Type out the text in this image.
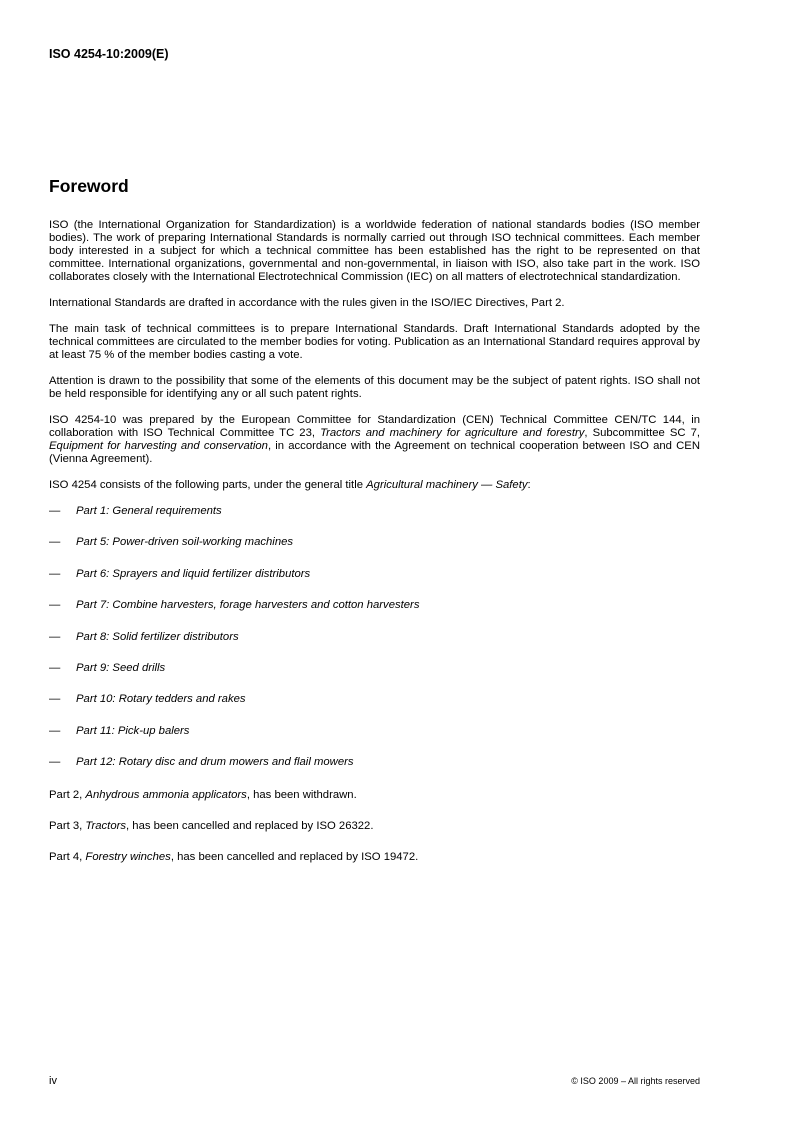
ISO 4254-10:2009(E)
Foreword

ISO (the International Organization for Standardization) is a worldwide federation of national standards bodies (ISO member bodies). The work of preparing International Standards is normally carried out through ISO technical committees. Each member body interested in a subject for which a technical committee has been established has the right to be represented on that committee. International organizations, governmental and non-governmental, in liaison with ISO, also take part in the work. ISO collaborates closely with the International Electrotechnical Commission (IEC) on all matters of electrotechnical standardization.

International Standards are drafted in accordance with the rules given in the ISO/IEC Directives, Part 2.

The main task of technical committees is to prepare International Standards. Draft International Standards adopted by the technical committees are circulated to the member bodies for voting. Publication as an International Standard requires approval by at least 75 % of the member bodies casting a vote.

Attention is drawn to the possibility that some of the elements of this document may be the subject of patent rights. ISO shall not be held responsible for identifying any or all such patent rights.

ISO 4254-10 was prepared by the European Committee for Standardization (CEN) Technical Committee CEN/TC 144, in collaboration with ISO Technical Committee TC 23, Tractors and machinery for agriculture and forestry, Subcommittee SC 7, Equipment for harvesting and conservation, in accordance with the Agreement on technical cooperation between ISO and CEN (Vienna Agreement).

ISO 4254 consists of the following parts, under the general title Agricultural machinery — Safety:

—	Part 1: General requirements
—	Part 5: Power-driven soil-working machines
—	Part 6: Sprayers and liquid fertilizer distributors
—	Part 7: Combine harvesters, forage harvesters and cotton harvesters
—	Part 8: Solid fertilizer distributors
—	Part 9: Seed drills
—	Part 10: Rotary tedders and rakes
—	Part 11: Pick-up balers
—	Part 12: Rotary disc and drum mowers and flail mowers

Part 2, Anhydrous ammonia applicators, has been withdrawn.

Part 3, Tractors, has been cancelled and replaced by ISO 26322.

Part 4, Forestry winches, has been cancelled and replaced by ISO 19472.

iv	© ISO 2009 – All rights reserved
